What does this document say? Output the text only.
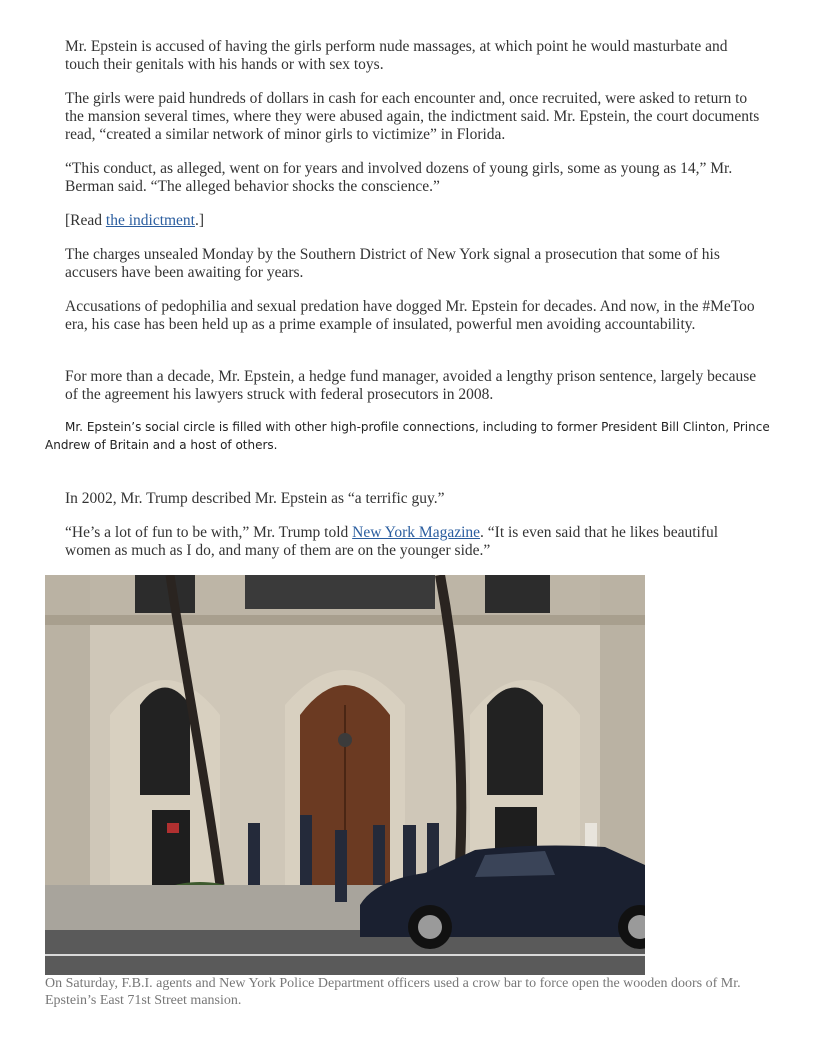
Mr. Epstein is accused of having the girls perform nude massages, at which point he would masturbate and touch their genitals with his hands or with sex toys.

The girls were paid hundreds of dollars in cash for each encounter and, once recruited, were asked to return to the mansion several times, where they were abused again, the indictment said. Mr. Epstein, the court documents read, “created a similar network of minor girls to victimize” in Florida.

“This conduct, as alleged, went on for years and involved dozens of young girls, some as young as 14,” Mr. Berman said. “The alleged behavior shocks the conscience.”

[Read the indictment.]

The charges unsealed Monday by the Southern District of New York signal a prosecution that some of his accusers have been awaiting for years.

Accusations of pedophilia and sexual predation have dogged Mr. Epstein for decades. And now, in the #MeToo era, his case has been held up as a prime example of insulated, powerful men avoiding accountability.

For more than a decade, Mr. Epstein, a hedge fund manager, avoided a lengthy prison sentence, largely because of the agreement his lawyers struck with federal prosecutors in 2008.

Mr. Epstein’s social circle is filled with other high-profile connections, including to former President Bill Clinton, Prince Andrew of Britain and a host of others.

In 2002, Mr. Trump described Mr. Epstein as “a terrific guy.”

“He’s a lot of fun to be with,” Mr. Trump told New York Magazine. “It is even said that he likes beautiful women as much as I do, and many of them are on the younger side.”

On Saturday, F.B.I. agents and New York Police Department officers used a crow bar to force open the wooden doors of Mr. Epstein’s East 71st Street mansion.
